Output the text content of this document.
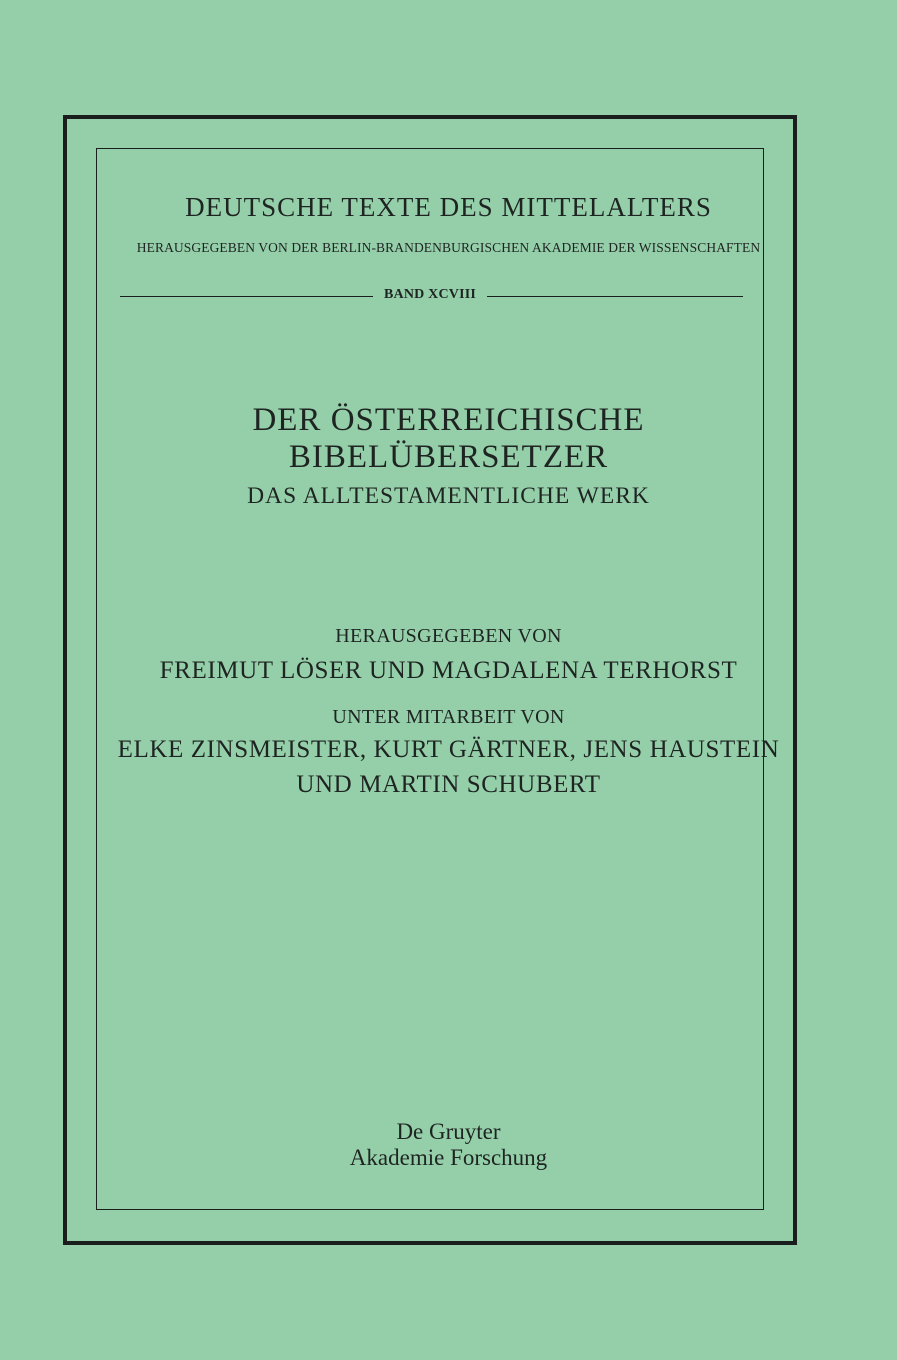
DEUTSCHE TEXTE DES MITTELALTERS
HERAUSGEGEBEN VON DER BERLIN-BRANDENBURGISCHEN AKADEMIE DER WISSENSCHAFTEN
BAND XCVIII
DER ÖSTERREICHISCHE
BIBELÜBERSETZER
DAS ALLTESTAMENTLICHE WERK
HERAUSGEGEBEN VON
FREIMUT LÖSER UND MAGDALENA TERHORST
UNTER MITARBEIT VON
ELKE ZINSMEISTER, KURT GÄRTNER, JENS HAUSTEIN
UND MARTIN SCHUBERT
De Gruyter
Akademie Forschung
